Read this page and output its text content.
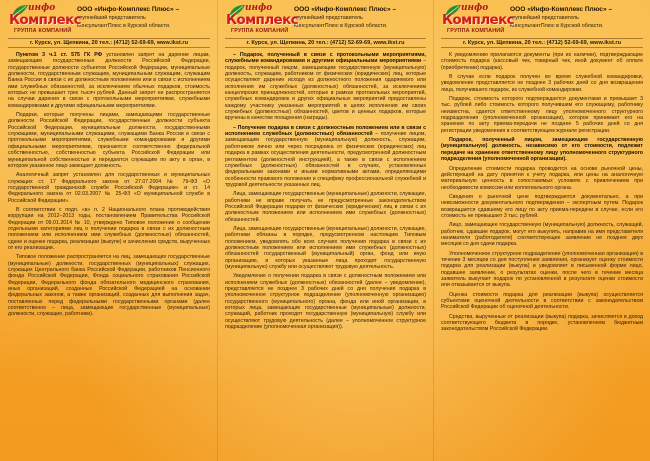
инфо
Комплекс
ГРУППА КОМПАНИЙ
ООО «Инфо-Комплекс Плюс» –
крупнейший представитель
КонсультантПлюс в Курской области.
г. Курск, ул. Щепкина, 20 тел.: (4712) 52-69-69, www.ikst.ru

Пунктом 3 ч.1 ст. 575 ГК РФ установлен запрет на дарение лицам, замещающим государственные должности Российской Федерации, государственные должности субъектов Российской Федерации, муниципальные должности, государственным служащим, муниципальным служащим, служащим Банка России в связи с их должностным положением или в связи с исполнением ими служебных обязанностей, за исключением обычных подарков, стоимость которых не превышает трех тысяч рублей. Данный запрет не распространяется на случаи дарения в связи с протокольными мероприятиями, служебными командировками и другими официальными мероприятиями.

Подарки, которые получены лицами, замещающими государственные должности Российской Федерации, государственные должности субъекта Российской Федерации, муниципальные должности, государственными служащими, муниципальными служащими, служащими Банка России в связи с протокольными мероприятиями, служебными командировками и другими официальными мероприятиями, признаются соответственно федеральной собственностью, собственностью субъекта Российской Федерации или муниципальной собственностью и передаются служащим по акту в орган, в котором указанное лицо замещает должность.

Аналогичный запрет установлен для государственных и муниципальных служащих ст. 17 Федерального закона от 27.07.2004 № 79-ФЗ «О государственной гражданской службе Российской Федерации» и ст. 14 Федерального закона от 02.03.2007 № 25-ФЗ «О муниципальной службе в Российской Федерации».

В соответствии с подп. «в» п. 2 Национального плана противодействия коррупции на 2012–2013 годы, постановлением Правительства Российской Федерации от 09.01.2014 № 10, утверждено Типовое положение о сообщении отдельными категориями лиц о получении подарка в связи с их должностным положением или исполнением ими служебных (должностных) обязанностей, сдаче и оценке подарка, реализации (выкупе) и зачислении средств, вырученных от его реализации.

Типовое положение распространяется на лиц, замещающих государственные (муниципальные) должности, государственных (муниципальных) служащих, служащих Центрального банка Российской Федерации, работников Пенсионного фонда Российской Федерации, Фонда социального страхования Российской Федерации, Федерального фонда обязательного медицинского страхования, иных организаций, созданных Российской Федерацией на основании федеральных законов, а также организаций, созданных для выполнения задач, поставленных перед федеральными государственными органами (далее соответственно – лица, замещающие государственные (муниципальные) должности, служащие, работники).

инфо
Комплекс
ГРУППА КОМПАНИЙ
ООО «Инфо-Комплекс Плюс» –
крупнейший представитель
КонсультантПлюс в Курской области.
г. Курск, ул. Щепкина, 20 тел.: (4712) 52-69-69, www.ikst.ru

– Подарок, полученный в связи с протокольными мероприятиями, служебными командировками и другими официальными мероприятиями – подарок, полученный лицом, замещающим государственную (муниципальную) должность, служащим, работником от физических (юридических) лиц, которые осуществляют дарение исходя из должностного положения одаряемого или исполнения им служебных (должностных) обязанностей, за исключением канцелярских принадлежностей, которые в рамках протокольных мероприятий, служебных командировок и других официальных мероприятий предоставлены каждому участнику указанных мероприятий в целях исполнения им своих служебных (должностных) обязанностей, цветов и ценных подарков, которые вручены в качестве поощрения (награды).

– Получение подарка в связи с должностным положением или в связи с исполнением служебных (должностных) обязанностей – получение лицом, замещающим государственную (муниципальную) должность, служащим, работником лично или через посредника от физических (юридических) лиц подарка в рамках осуществления деятельности, предусмотренной должностным регламентом (должностной инструкцией), а также в связи с исполнением служебных (должностных) обязанностей в случаях, установленных федеральными законами и иными нормативными актами, определяющими особенности правового положения и специфику профессиональной служебной и трудовой деятельности указанных лиц.

Лица, замещающие государственные (муниципальные) должности, служащие, работники не вправе получать не предусмотренные законодательством Российской Федерации подарки от физических (юридических) лиц в связи с их должностным положением или исполнением ими служебных (должностных) обязанностей.

Лица, замещающие государственные (муниципальные) должности, служащие, работники обязаны в порядке, предусмотренном настоящим Типовым положением, уведомлять обо всех случаях получения подарка в связи с их должностным положением или исполнением ими служебных (должностных) обязанностей государственный (муниципальный) орган, фонд или иную организацию, в которых указанные лица проходят государственную (муниципальную) службу или осуществляют трудовую деятельность.

Уведомление о получении подарка в связи с должностным положением или исполнением служебных (должностных) обязанностей (далее – уведомление), представляется не позднее 3 рабочих дней со дня получения подарка в уполномоченное структурное подразделение (уполномоченную организацию) государственного (муниципального) органа, фонда или иной организации, в которых лица, замещающие государственные (муниципальные) должности, служащий, работник проходят государственную (муниципальную) службу или осуществляют трудовую деятельность (далее – уполномоченное структурное подразделение (уполномоченная организация)).

инфо
Комплекс
ГРУППА КОМПАНИЙ
ООО «Инфо-Комплекс Плюс» –
крупнейший представитель
КонсультантПлюс в Курской области.
г. Курск, ул. Щепкина, 20 тел.: (4712) 52-69-69, www.ikst.ru

К уведомлению прилагаются документы (при их наличии), подтверждающие стоимость подарка (кассовый чек, товарный чек, иной документ об оплате (приобретении) подарка).

В случае если подарок получен во время служебной командировки, уведомление представляется не позднее 3 рабочих дней со дня возвращения лица, получившего подарок, из служебной командировки.

Подарок, стоимость которого подтверждается документами и превышает 3 тыс. рублей либо стоимость которого получившим его служащему, работнику неизвестна, сдается ответственному лицу уполномоченного структурного подразделения (уполномоченной организации), которое принимает его на хранение по акту приема-передачи не позднее 5 рабочих дней со дня регистрации уведомления в соответствующем журнале регистрации.

Подарок, полученный лицом, замещающим государственную (муниципальную) должность, независимо от его стоимости, подлежит передаче на хранение ответственному лицу уполномоченного структурного подразделения (уполномоченной организации).

Определение стоимости подарка проводится на основе рыночной цены, действующей на дату принятия к учету подарка, или цены на аналогичную материальную ценность в сопоставимых условиях с привлечением при необходимости комиссии или коллегиального органа.

Сведения о рыночной цене подтверждаются документально, а при невозможности документального подтверждения – экспертным путем. Подарок возвращается сдавшему его лицу по акту приема-передачи в случае, если его стоимость не превышает 3 тыс. рублей.

Лицо, замещающее государственную (муниципальную) должность, служащий, работник, сдавшие подарок, могут его выкупить, направив на имя представителя нанимателя (работодателя) соответствующее заявление не позднее двух месяцев со дня сдачи подарка.

Уполномоченное структурное подразделение (уполномоченная организация) в течение 3 месяцев со дня поступления заявления, организует оценку стоимости подарка для реализации (выкупа) и уведомляет в письменной форме лицо, подавшее заявление, о результатах оценки, после чего в течение месяца заявитель выкупает подарок по установленной в результате оценки стоимости или отказывается от выкупа.

Оценка стоимости подарка для реализации (выкупа) осуществляется субъектами оценочной деятельности в соответствии с законодательством Российской Федерации об оценочной деятельности.

Средства, вырученные от реализации (выкупа) подарка, зачисляются в доход соответствующего бюджета в порядке, установленном бюджетным законодательством Российской Федерации.
